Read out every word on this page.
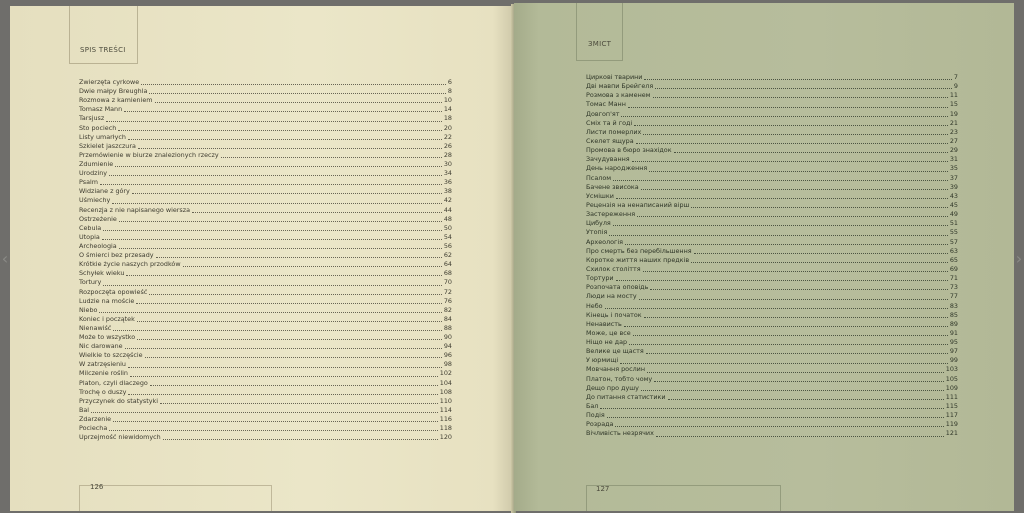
SPIS TREŚCI
Zwierzęta cyrkowe	6
Dwie małpy Breughla	8
Rozmowa z kamieniem	10
Tomasz Mann	14
Tarsjusz	18
Sto pociech	20
Listy umarłych	22
Szkielet jaszczura	26
Przemówienie w biurze znalezionych rzeczy	28
Zdumienie	30
Urodziny	34
Psalm	36
Widziane z góry	38
Uśmiechy	42
Recenzja z nie napisanego wiersza	44
Ostrzeżenie	48
Cebula	50
Utopia	54
Archeologia	56
O śmierci bez przesady	62
Krótkie życie naszych przodków	64
Schyłek wieku	68
Tortury	70
Rozpoczęta opowieść	72
Ludzie na moście	76
Niebo	82
Koniec i początek	84
Nienawiść	88
Może to wszystko	90
Nic darowane	94
Wielkie to szczęście	96
W zatrzęsieniu	98
Milczenie roślin	102
Platon, czyli dlaczego	104
Trochę o duszy	108
Przyczynek do statystyki	110
Bal	114
Zdarzenie	116
Pociecha	118
Uprzejmość niewidomych	120
126
ЗМІСТ
Циркові тварини	7
Дві мавпи Брейгеля	9
Розмова з каменем	11
Томас Манн	15
Довгоп'ят	19
Сміх та й годі	21
Листи померлих	23
Скелет ящура	27
Промова в бюро знахідок	29
Зачудування	31
День народження	35
Псалом	37
Бачене звисока	39
Усмішки	43
Рецензія на ненаписаний вірш	45
Застереження	49
Цибуля	51
Утопія	55
Археологія	57
Про смерть без перебільшення	63
Коротке життя наших предків	65
Схилок століття	69
Тортури	71
Розпочата оповідь	73
Люди на мосту	77
Небо	83
Кінець і початок	85
Ненависть	89
Може, це все	91
Ніщо не дар	95
Велике це щастя	97
У юрмищі	99
Мовчання рослин	103
Платон, тобто чому	105
Дещо про душу	109
До питання статистики	111
Бал	115
Подія	117
Розрада	119
Вічливість незрячих	121
127
‹	›
